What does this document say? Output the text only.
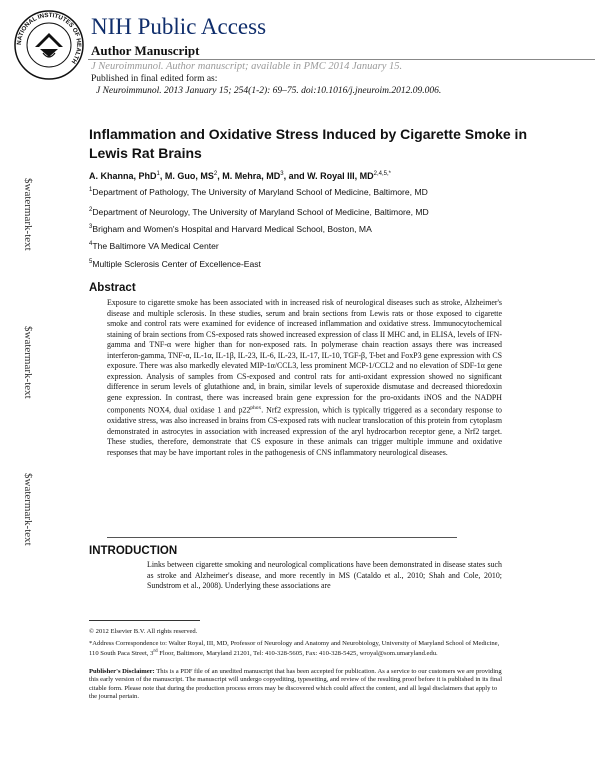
NATIONAL INSTITUTES OF HEALTH
NIH Public Access
Author Manuscript
J Neuroimmunol. Author manuscript; available in PMC 2014 January 15.
Published in final edited form as:
J Neuroimmunol. 2013 January 15; 254(1-2): 69–75. doi:10.1016/j.jneuroim.2012.09.006.
$watermark-text
$watermark-text
$watermark-text
Inflammation and Oxidative Stress Induced by Cigarette Smoke in Lewis Rat Brains
A. Khanna, PhD$^1$, M. Guo, $MS^2$, M. Mehra, $MD^3$, and W. Royal III, $MD^{2,4,5,*}$
$^1$Department of Pathology, The University of Maryland School of Medicine, Baltimore, MD
$^2$Department of Neurology, The University of Maryland School of Medicine, Baltimore, MD
$^3$Brigham and Women's Hospital and Harvard Medical School, Boston, MA
$^4$The Baltimore VA Medical Center
$^5$Multiple Sclerosis Center of Excellence-East
Abstract
Exposure to cigarette smoke has been associated with in increased risk of neurological diseases such as stroke, Alzheimer's disease and multiple sclerosis. In these studies, serum and brain sections from Lewis rats or those exposed to cigarette smoke and control rats were examined for evidence of increased inflammation and oxidative stress. Immunocytochemical staining of brain sections from CS-exposed rats showed increased expression of class II MHC and, in ELISA, levels of IFN-gamma and TNF-α were higher than for non-exposed rats. In polymerase chain reaction assays there was increased interferon-gamma, TNF-α, IL-1α, IL-1β, IL-23, IL-6, IL-23, IL-17, IL-10, TGF-β, T-bet and FoxP3 gene expression with CS exposure. There was also markedly elevated MIP-1α/CCL3, less prominent MCP-1/CCL2 and no elevation of SDF-1α gene expression. Analysis of samples from CS-exposed and control rats for anti-oxidant expression showed no significant difference in serum levels of glutathione and, in brain, similar levels of superoxide dismutase and decreased thioredoxin gene expression. In contrast, there was increased brain gene expression for the pro-oxidants iNOS and the NADPH components NOX4, dual oxidase 1 and $p22^{phox}$. Nrf2 expression, which is typically triggered as a secondary response to oxidative stress, was also increased in brains from CS-exposed rats with nuclear translocation of this protein from cytoplasm demonstrated in astrocytes in association with increased expression of the aryl hydrocarbon receptor gene, a Nrf2 target. These studies, therefore, demonstrate that CS exposure in these animals can trigger multiple immune and oxidative responses that may be have important roles in the pathogenesis of CNS inflammatory neurological diseases.
INTRODUCTION
Links between cigarette smoking and neurological complications have been demonstrated in disease states such as stroke and Alzheimer's disease, and more recently in MS (Cataldo et al., 2010; Shah and Cole, 2010; Sundstrom et al., 2008). Underlying these associations are
© 2012 Elsevier B.V. All rights reserved.
*Address Correspondence to: Walter Royal, III, MD, Professor of Neurology and Anatomy and Neurobiology, University of Maryland School of Medicine, 110 South Paca Street, 3rd Floor, Baltimore, Maryland 21201, Tel: 410-328-5605, Fax: 410-328-5425, wroyal@som.umaryland.edu.
Publisher's Disclaimer: This is a PDF file of an unedited manuscript that has been accepted for publication. As a service to our customers we are providing this early version of the manuscript. The manuscript will undergo copyediting, typesetting, and review of the resulting proof before it is published in its final citable form. Please note that during the production process errors may be discovered which could affect the content, and all legal disclaimers that apply to the journal pertain.
